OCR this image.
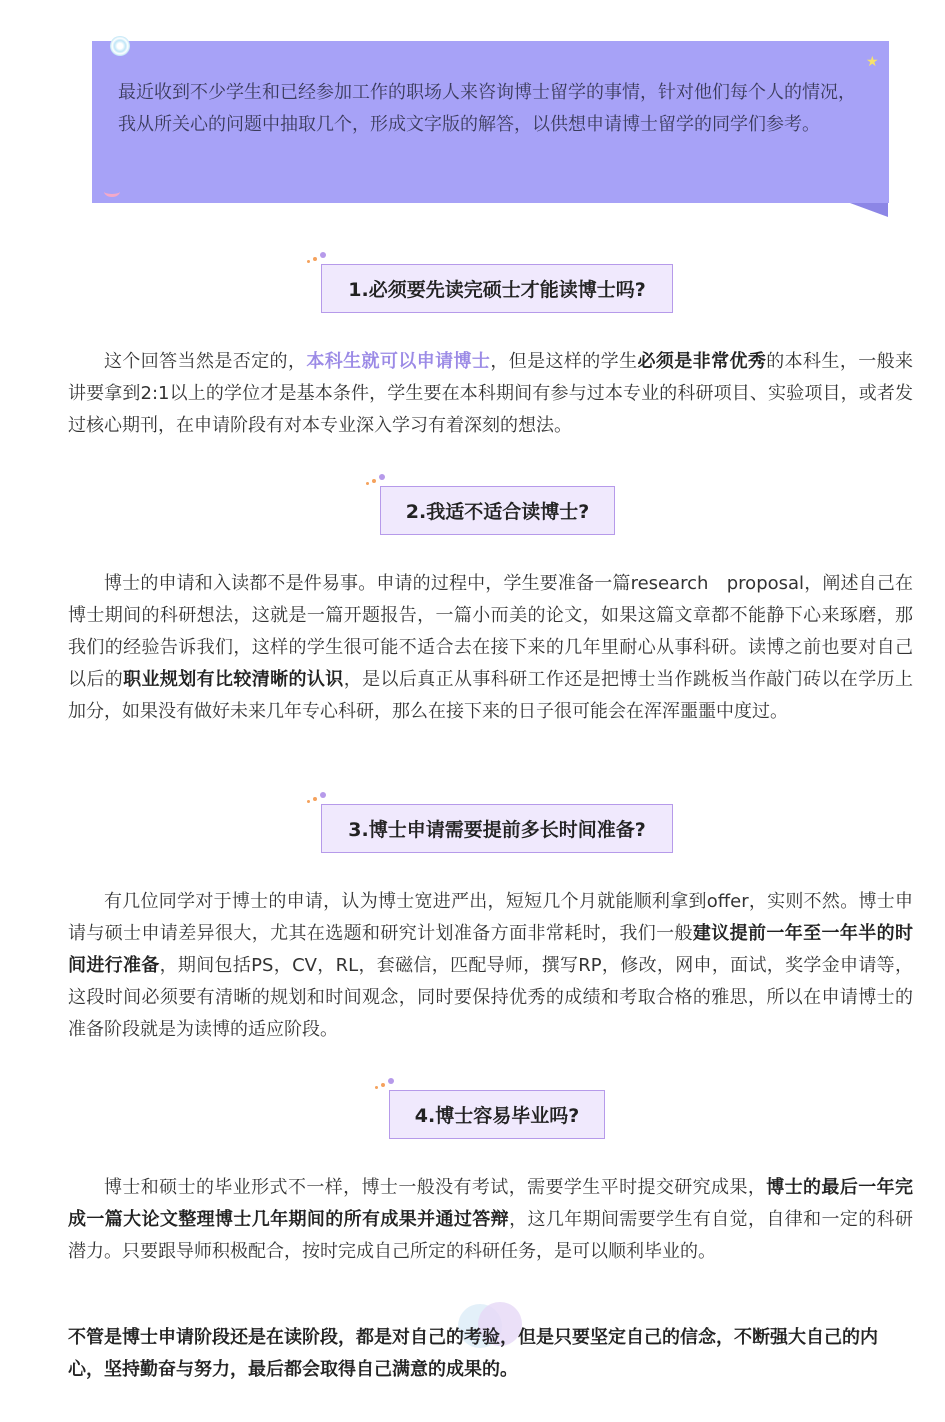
最近收到不少学生和已经参加工作的职场人来咨询博士留学的事情，针对他们每个人的情况，我从所关心的问题中抽取几个，形成文字版的解答，以供想申请博士留学的同学们参考。
★
1.必须要先读完硕士才能读博士吗?
这个回答当然是否定的，本科生就可以申请博士，但是这样的学生必须是非常优秀的本科生，一般来讲要拿到2:1以上的学位才是基本条件，学生要在本科期间有参与过本专业的科研项目、实验项目，或者发过核心期刊，在申请阶段有对本专业深入学习有着深刻的想法。
2.我适不适合读博士?
博士的申请和入读都不是件易事。申请的过程中，学生要准备一篇research　proposal，阐述自己在博士期间的科研想法，这就是一篇开题报告，一篇小而美的论文，如果这篇文章都不能静下心来琢磨，那我们的经验告诉我们，这样的学生很可能不适合去在接下来的几年里耐心从事科研。读博之前也要对自己以后的职业规划有比较清晰的认识，是以后真正从事科研工作还是把博士当作跳板当作敲门砖以在学历上加分，如果没有做好未来几年专心科研，那么在接下来的日子很可能会在浑浑噩噩中度过。
3.博士申请需要提前多长时间准备?
有几位同学对于博士的申请，认为博士宽进严出，短短几个月就能顺利拿到offer，实则不然。博士申请与硕士申请差异很大，尤其在选题和研究计划准备方面非常耗时，我们一般建议提前一年至一年半的时间进行准备，期间包括PS，CV，RL，套磁信，匹配导师，撰写RP，修改，网申，面试，奖学金申请等，这段时间必须要有清晰的规划和时间观念，同时要保持优秀的成绩和考取合格的雅思，所以在申请博士的准备阶段就是为读博的适应阶段。
4.博士容易毕业吗?
博士和硕士的毕业形式不一样，博士一般没有考试，需要学生平时提交研究成果，博士的最后一年完成一篇大论文整理博士几年期间的所有成果并通过答辩，这几年期间需要学生有自觉，自律和一定的科研潜力。只要跟导师积极配合，按时完成自己所定的科研任务，是可以顺利毕业的。
不管是博士申请阶段还是在读阶段，都是对自己的考验，但是只要坚定自己的信念，不断强大自己的内心，坚持勤奋与努力，最后都会取得自己满意的成果的。
